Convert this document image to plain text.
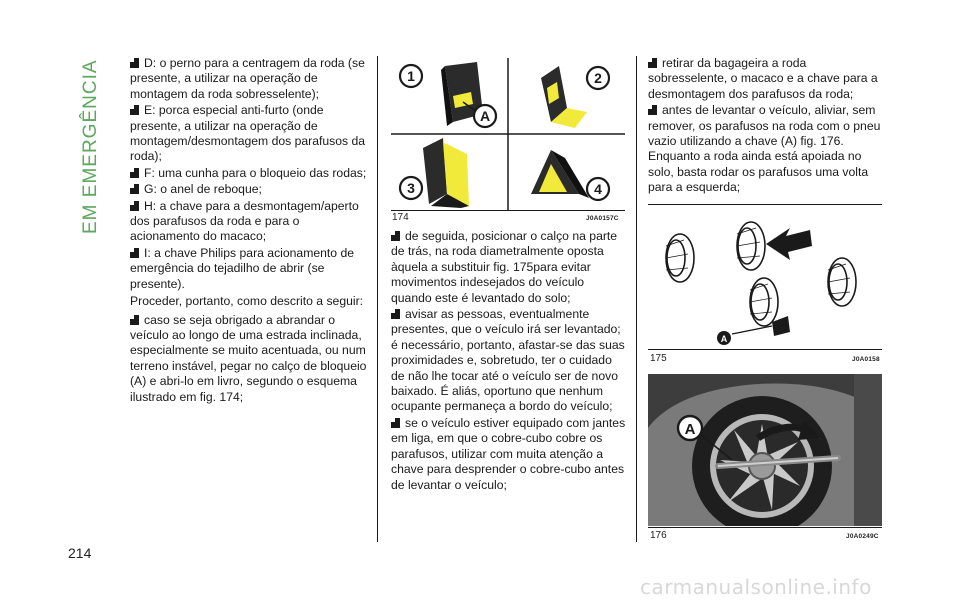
EM EMERGÊNCIA
214
D: o perno para a centragem da roda (se presente, a utilizar na operação de montagem da roda sobresselente);
E: porca especial anti-furto (onde presente, a utilizar na operação de montagem/desmontagem dos parafusos da roda);
F: uma cunha para o bloqueio das rodas;
G: o anel de reboque;
H: a chave para a desmontagem/aperto dos parafusos da roda e para o acionamento do macaco;
I: a chave Philips para acionamento de emergência do tejadilho de abrir (se presente).

Proceder, portanto, como descrito a seguir:

caso se seja obrigado a abrandar o veículo ao longo de uma estrada inclinada, especialmente se muito acentuada, ou num terreno instável, pegar no calço de bloqueio (A) e abri-lo em livro, segundo o esquema ilustrado em fig. 174;
1	2
3	4
A
174	J0A0157C
de seguida, posicionar o calço na parte de trás, na roda diametralmente oposta àquela a substituir fig. 175para evitar movimentos indesejados do veículo quando este é levantado do solo;
avisar as pessoas, eventualmente presentes, que o veículo irá ser levantado; é necessário, portanto, afastar-se das suas proximidades e, sobretudo, ter o cuidado de não lhe tocar até o veículo ser de novo baixado. É aliás, oportuno que nenhum ocupante permaneça a bordo do veículo;
se o veículo estiver equipado com jantes em liga, em que o cobre-cubo cobre os parafusos, utilizar com muita atenção a chave para desprender o cobre-cubo antes de levantar o veículo;
retirar da bagageira a roda sobresselente, o macaco e a chave para a desmontagem dos parafusos da roda;
antes de levantar o veículo, aliviar, sem remover, os parafusos na roda com o pneu vazio utilizando a chave (A) fig. 176. Enquanto a roda ainda está apoiada no solo, basta rodar os parafusos uma volta para a esquerda;
A
175	J0A0158
A
176	J0A0249C
carmanualsonline.info
